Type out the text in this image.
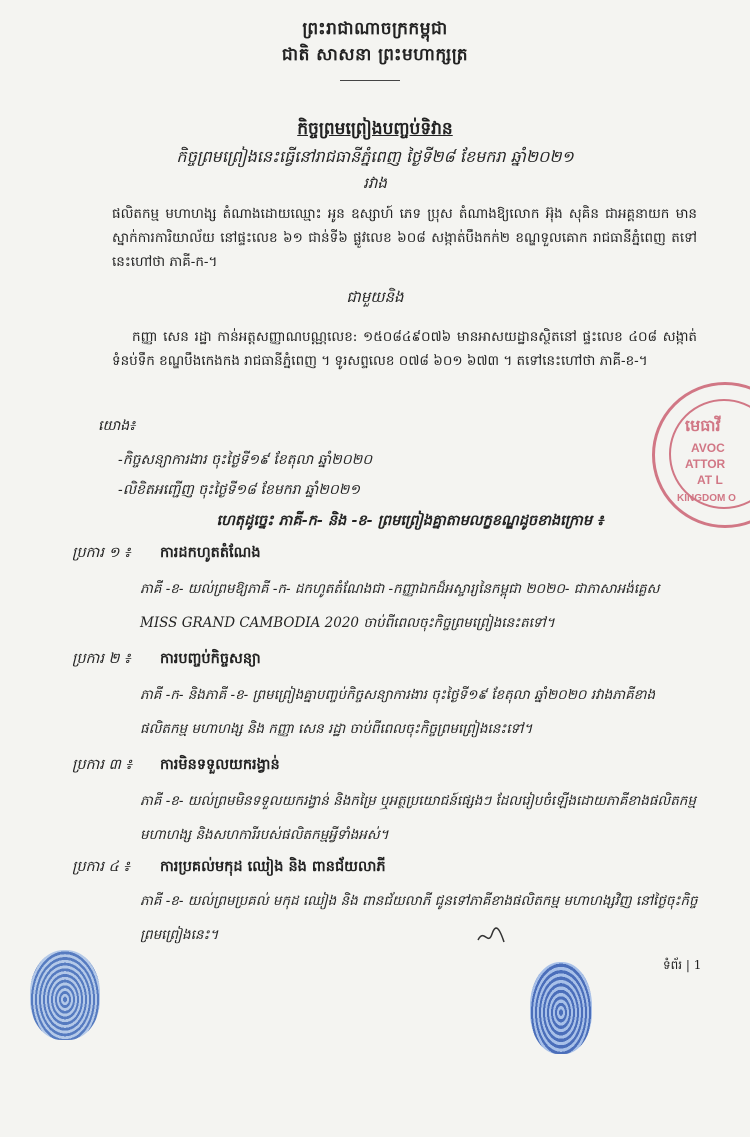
ព្រះរាជាណាចក្រកម្ពុជា
ជាតិ សាសនា ព្រះមហាក្សត្រ
កិច្ចព្រមព្រៀងបញ្ចប់ទិវាន
កិច្ចព្រមព្រៀងនេះធ្វើនៅរាជធានីភ្នំពេញ ថ្ងៃទី២៨ ខែមករា ឆ្នាំ២០២១
រវាង
ផលិតកម្ម មហាហង្ស តំណាងដោយឈ្មោះ អូន ឧស្សាហ៍ ភេទ ប្រុស តំណាងឱ្យលោក អ៊ុង សុគិន ជាអគ្គនាយក មានស្នាក់ការការិយាល័យ នៅផ្ទះលេខ ៦១ ជាន់ទី៦ ផ្លូវលេខ ៦០៨ សង្កាត់បឹងកក់២ ខណ្ឌទួលគោក រាជធានីភ្នំពេញ តទៅនេះហៅថា ភាគី-ក-។
ជាមួយនិង
កញ្ញា សេន រដ្ឋា កាន់អត្តសញ្ញាណបណ្ណលេខ: ១៥០៨៤៩០៧៦ មានអាសយដ្ឋានស្ថិតនៅ ផ្ទះលេខ ៤០៨ សង្កាត់ទំនប់ទឹក ខណ្ឌបឹងកេងកង រាជធានីភ្នំពេញ ។ ទូរសព្ទលេខ ០៧៨ ៦០១ ៦៧៣ ។ តទៅនេះហៅថា ភាគី-ខ-។
យោង៖
-កិច្ចសន្យាការងារ ចុះថ្ងៃទី១៩ ខែតុលា ឆ្នាំ២០២០
-លិខិតអញ្ជើញ ចុះថ្ងៃទី១៨ ខែមករា ឆ្នាំ២០២១
ហេតុដូច្នេះ ភាគី-ក- និង -ខ- ព្រមព្រៀងគ្នាតាមលក្ខខណ្ឌដូចខាងក្រោម ៖
ប្រការ ១ ៖ ការដកហូតតំណែង
ភាគី -ខ- យល់ព្រមឱ្យភាគី -ក- ដកហូតតំណែងជា -កញ្ញាឯកដ៏អស្ចារ្យនៃកម្ពុជា ២០២០- ជាភាសាអង់គ្លេស MISS GRAND CAMBODIA 2020 ចាប់ពីពេលចុះកិច្ចព្រមព្រៀងនេះតទៅ។
ប្រការ ២ ៖ ការបញ្ចប់កិច្ចសន្យា
ភាគី -ក- និងភាគី -ខ- ព្រមព្រៀងគ្នាបញ្ចប់កិច្ចសន្យាការងារ ចុះថ្ងៃទី១៩ ខែតុលា ឆ្នាំ២០២០ រវាងភាគីខាងផលិតកម្ម មហាហង្ស និង កញ្ញា សេន រដ្ឋា ចាប់ពីពេលចុះកិច្ចព្រមព្រៀងនេះទៅ។
ប្រការ ៣ ៖ ការមិនទទួលយករង្វាន់
ភាគី -ខ- យល់ព្រមមិនទទួលយករង្វាន់ និងកម្រៃ ឬអត្ថប្រយោជន៍ផ្សេងៗ ដែលរៀបចំឡើងដោយភាគីខាងផលិតកម្ម មហាហង្ស និងសហការីរបស់ផលិតកម្មអ្វីទាំងអស់។
ប្រការ ៤ ៖ ការប្រគល់មកុដ ឈៀង និង ពានជ័យលាភី
ភាគី -ខ- យល់ព្រមប្រគល់ មកុដ ឈៀង និង ពានជ័យលាភី ជូនទៅភាគីខាងផលិតកម្ម មហាហង្សវិញ នៅថ្ងៃចុះកិច្ចព្រមព្រៀងនេះ។
ទំព័រ | 1
មេធាវី
AVOC
ATTOR
AT L
KINGDOM O
